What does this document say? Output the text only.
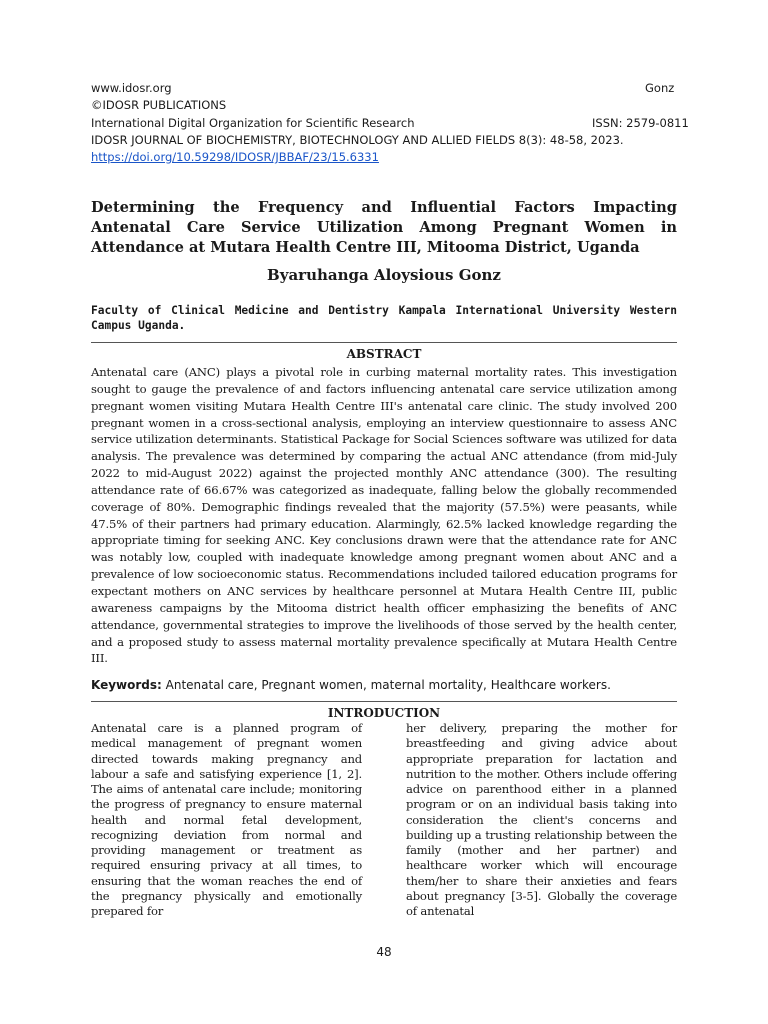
www.idosr.org	Gonz
©IDOSR PUBLICATIONS
International Digital Organization for Scientific Research	ISSN: 2579-0811
IDOSR JOURNAL OF BIOCHEMISTRY, BIOTECHNOLOGY AND ALLIED FIELDS 8(3): 48-58, 2023.
https://doi.org/10.59298/IDOSR/JBBAF/23/15.6331
Determining the Frequency and Influential Factors Impacting Antenatal Care Service Utilization Among Pregnant Women in Attendance at Mutara Health Centre III, Mitooma District, Uganda

Byaruhanga Aloysious Gonz

Faculty of Clinical Medicine and Dentistry Kampala International University Western Campus Uganda.

ABSTRACT

Antenatal care (ANC) plays a pivotal role in curbing maternal mortality rates. This investigation sought to gauge the prevalence of and factors influencing antenatal care service utilization among pregnant women visiting Mutara Health Centre III's antenatal care clinic. The study involved 200 pregnant women in a cross-sectional analysis, employing an interview questionnaire to assess ANC service utilization determinants. Statistical Package for Social Sciences software was utilized for data analysis. The prevalence was determined by comparing the actual ANC attendance (from mid-July 2022 to mid-August 2022) against the projected monthly ANC attendance (300). The resulting attendance rate of 66.67% was categorized as inadequate, falling below the globally recommended coverage of 80%. Demographic findings revealed that the majority (57.5%) were peasants, while 47.5% of their partners had primary education. Alarmingly, 62.5% lacked knowledge regarding the appropriate timing for seeking ANC. Key conclusions drawn were that the attendance rate for ANC was notably low, coupled with inadequate knowledge among pregnant women about ANC and a prevalence of low socioeconomic status. Recommendations included tailored education programs for expectant mothers on ANC services by healthcare personnel at Mutara Health Centre III, public awareness campaigns by the Mitooma district health officer emphasizing the benefits of ANC attendance, governmental strategies to improve the livelihoods of those served by the health center, and a proposed study to assess maternal mortality prevalence specifically at Mutara Health Centre III.

Keywords: Antenatal care, Pregnant women, maternal mortality, Healthcare workers.

INTRODUCTION

Antenatal care is a planned program of medical management of pregnant women directed towards making pregnancy and labour a safe and satisfying experience [1, 2]. The aims of antenatal care include; monitoring the progress of pregnancy to ensure maternal health and normal fetal development, recognizing deviation from normal and providing management or treatment as required ensuring privacy at all times, to ensuring that the woman reaches the end of the pregnancy physically and emotionally prepared for

her delivery, preparing the mother for breastfeeding and giving advice about appropriate preparation for lactation and nutrition to the mother. Others include offering advice on parenthood either in a planned program or on an individual basis taking into consideration the client's concerns and building up a trusting relationship between the family (mother and her partner) and healthcare worker which will encourage them/her to share their anxieties and fears about pregnancy [3-5]. Globally the coverage of antenatal

48
